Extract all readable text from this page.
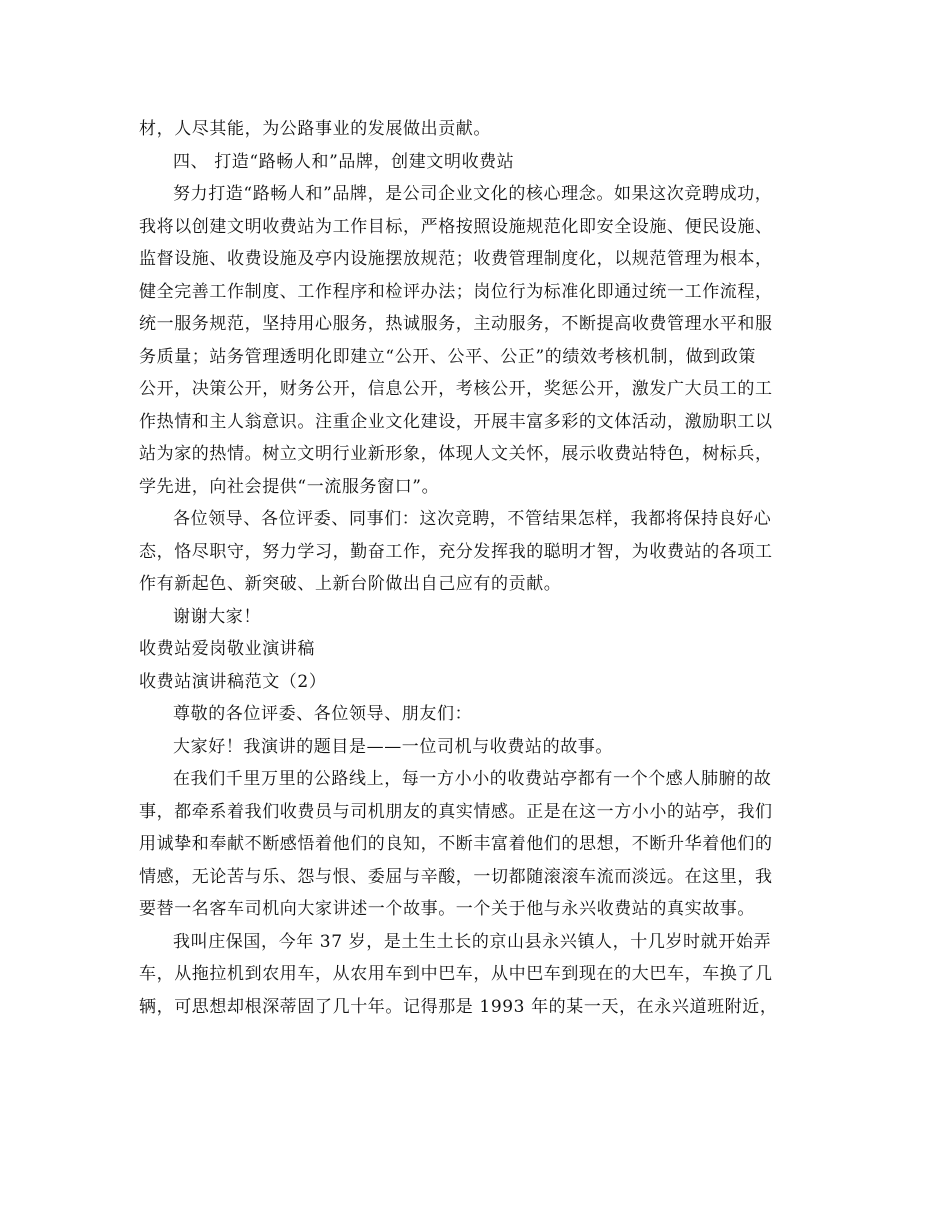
材，人尽其能，为公路事业的发展做出贡献。
四、 打造“路畅人和”品牌，创建文明收费站
努力打造“路畅人和”品牌，是公司企业文化的核心理念。如果这次竞聘成功，
我将以创建文明收费站为工作目标，严格按照设施规范化即安全设施、便民设施、
监督设施、收费设施及亭内设施摆放规范；收费管理制度化，以规范管理为根本，
健全完善工作制度、工作程序和检评办法；岗位行为标准化即通过统一工作流程，
统一服务规范，坚持用心服务，热诚服务，主动服务，不断提高收费管理水平和服
务质量；站务管理透明化即建立“公开、公平、公正”的绩效考核机制，做到政策
公开，决策公开，财务公开，信息公开，考核公开，奖惩公开，激发广大员工的工
作热情和主人翁意识。注重企业文化建设，开展丰富多彩的文体活动，激励职工以
站为家的热情。树立文明行业新形象，体现人文关怀，展示收费站特色，树标兵，
学先进，向社会提供“一流服务窗口”。
各位领导、各位评委、同事们：这次竞聘，不管结果怎样，我都将保持良好心
态，恪尽职守，努力学习，勤奋工作，充分发挥我的聪明才智，为收费站的各项工
作有新起色、新突破、上新台阶做出自己应有的贡献。
谢谢大家！
收费站爱岗敬业演讲稿
收费站演讲稿范文（2）
尊敬的各位评委、各位领导、朋友们：
大家好！我演讲的题目是——一位司机与收费站的故事。
在我们千里万里的公路线上，每一方小小的收费站亭都有一个个感人肺腑的故
事，都牵系着我们收费员与司机朋友的真实情感。正是在这一方小小的站亭，我们
用诚挚和奉献不断感悟着他们的良知，不断丰富着他们的思想，不断升华着他们的
情感，无论苦与乐、怨与恨、委屈与辛酸，一切都随滚滚车流而淡远。在这里，我
要替一名客车司机向大家讲述一个故事。一个关于他与永兴收费站的真实故事。
我叫庄保国，今年 37 岁，是土生土长的京山县永兴镇人，十几岁时就开始弄
车，从拖拉机到农用车，从农用车到中巴车，从中巴车到现在的大巴车，车换了几
辆，可思想却根深蒂固了几十年。记得那是 1993 年的某一天，在永兴道班附近，
